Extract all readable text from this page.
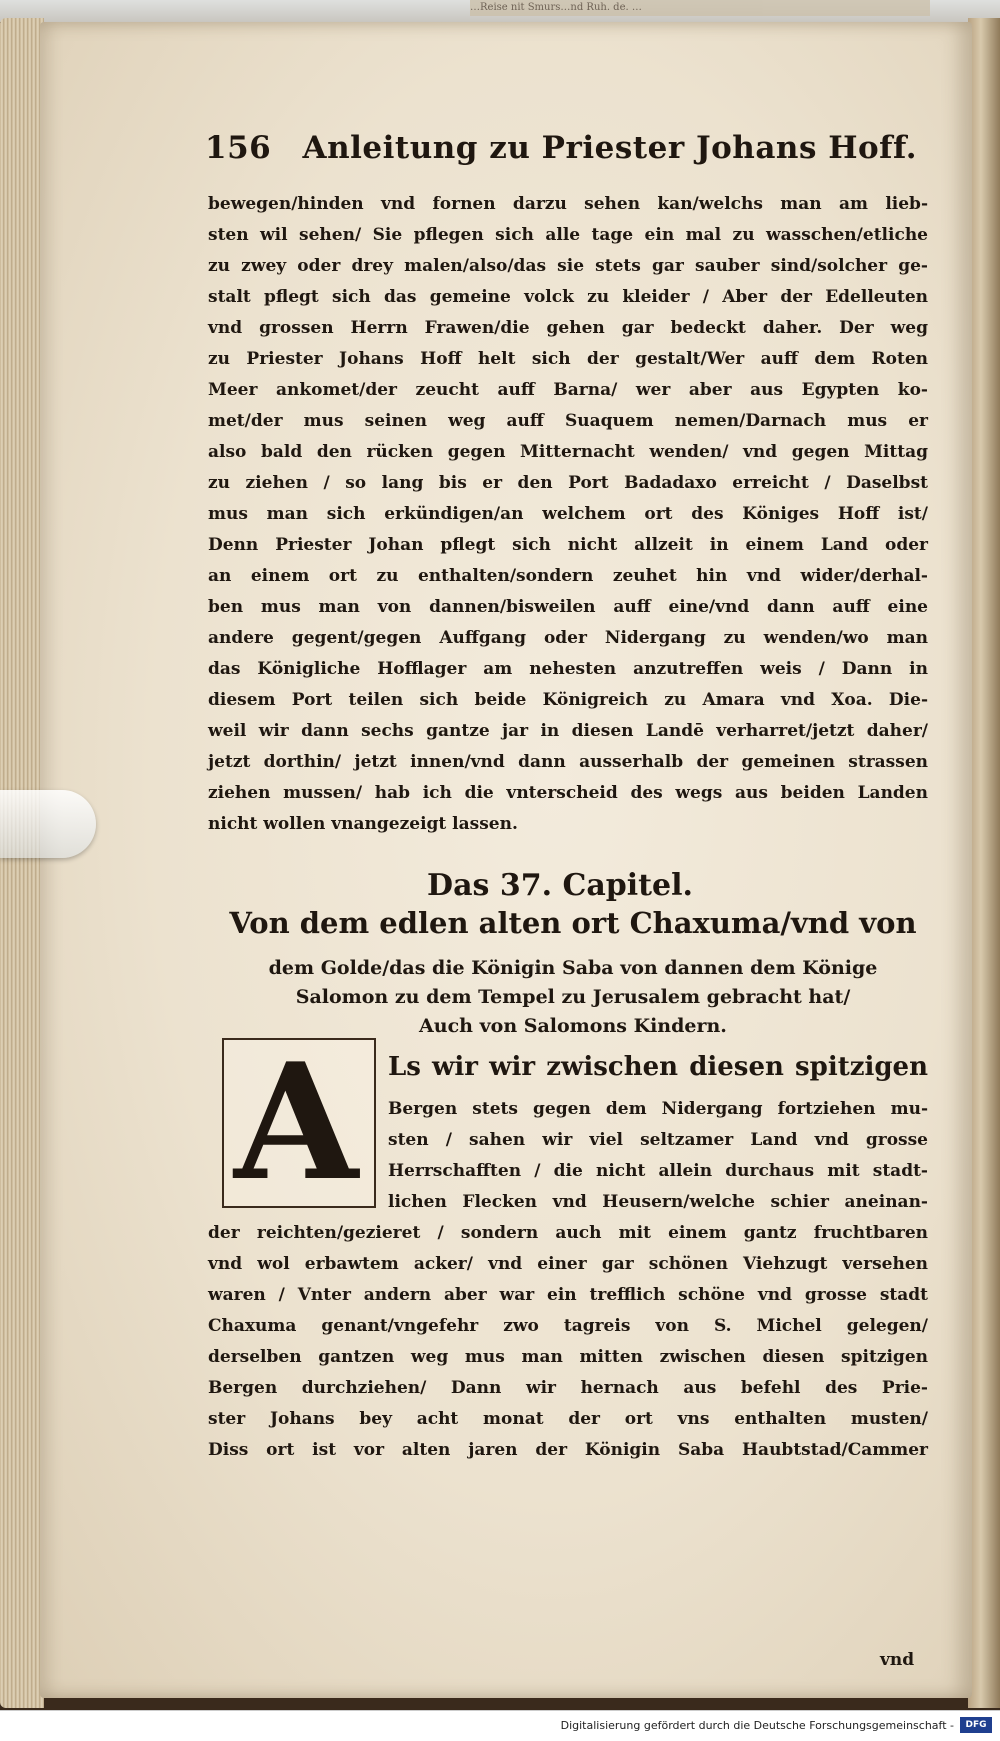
…Reise nit Smurs…nd Ruh. de. …
156 Anleitung zu Priester Johans Hoff.
bewegen/hinden vnd fornen darzu sehen kan/welchs man am lieb-
sten wil sehen/ Sie pflegen sich alle tage ein mal zu wasschen/etliche
zu zwey oder drey malen/also/das sie stets gar sauber sind/solcher ge-
stalt pflegt sich das gemeine volck zu kleider / Aber der Edelleuten
vnd grossen Herrn Frawen/die gehen gar bedeckt daher. Der weg
zu Priester Johans Hoff helt sich der gestalt/Wer auff dem Roten
Meer ankomet/der zeucht auff Barna/ wer aber aus Egypten ko-
met/der mus seinen weg auff Suaquem nemen/Darnach mus er
also bald den rücken gegen Mitternacht wenden/ vnd gegen Mittag
zu ziehen / so lang bis er den Port Badadaxo erreicht / Daselbst
mus man sich erkündigen/an welchem ort des Königes Hoff ist/
Denn Priester Johan pflegt sich nicht allzeit in einem Land oder
an einem ort zu enthalten/sondern zeuhet hin vnd wider/derhal-
ben mus man von dannen/bisweilen auff eine/vnd dann auff eine
andere gegent/gegen Auffgang oder Nidergang zu wenden/wo man
das Königliche Hofflager am nehesten anzutreffen weis / Dann in
diesem Port teilen sich beide Königreich zu Amara vnd Xoa. Die-
weil wir dann sechs gantze jar in diesen Landē verharret/jetzt daher/
jetzt dorthin/ jetzt innen/vnd dann ausserhalb der gemeinen strassen
ziehen mussen/ hab ich die vnterscheid des wegs aus beiden Landen
nicht wollen vnangezeigt lassen.
Das 37. Capitel.
Von dem edlen alten ort Chaxuma/vnd von
dem Golde/das die Königin Saba von dannen dem Könige
Salomon zu dem Tempel zu Jerusalem gebracht hat/
Auch von Salomons Kindern.
A Ls wir wir zwischen diesen spitzigen
Bergen stets gegen dem Nidergang fortziehen mu-
sten / sahen wir viel seltzamer Land vnd grosse
Herrschafften / die nicht allein durchaus mit stadt-
lichen Flecken vnd Heusern/welche schier aneinan-
der reichten/gezieret / sondern auch mit einem gantz fruchtbaren
vnd wol erbawtem acker/ vnd einer gar schönen Viehzugt versehen
waren / Vnter andern aber war ein trefflich schöne vnd grosse stadt
Chaxuma genant/vngefehr zwo tagreis von S. Michel gelegen/
derselben gantzen weg mus man mitten zwischen diesen spitzigen
Bergen durchziehen/ Dann wir hernach aus befehl des Prie-
ster Johans bey acht monat der ort vns enthalten musten/
Diss ort ist vor alten jaren der Königin Saba Haubtstad/Cammer
vnd
Digitalisierung gefördert durch die Deutsche Forschungsgemeinschaft -	DFG
